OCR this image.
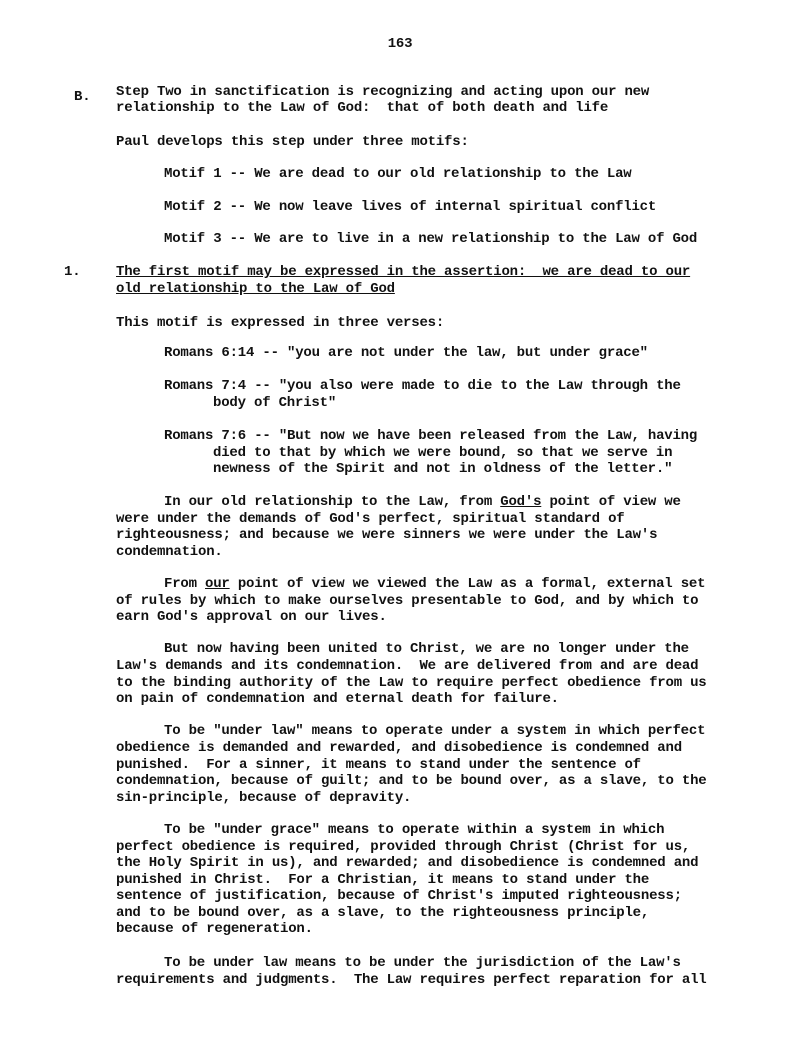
163
B. Step Two in sanctification is recognizing and acting upon our new
relationship to the Law of God:  that of both death and life
Paul develops this step under three motifs:
Motif 1 -- We are dead to our old relationship to the Law
Motif 2 -- We now leave lives of internal spiritual conflict
Motif 3 -- We are to live in a new relationship to the Law of God
1.	The first motif may be expressed in the assertion:  we are dead to our
old relationship to the Law of God
This motif is expressed in three verses:
Romans 6:14 -- "you are not under the law, but under grace"
Romans 7:4 -- "you also were made to die to the Law through the
body of Christ"
Romans 7:6 -- "But now we have been released from the Law, having
died to that by which we were bound, so that we serve in
newness of the Spirit and not in oldness of the letter."
In our old relationship to the Law, from God's point of view we
were under the demands of God's perfect, spiritual standard of
righteousness; and because we were sinners we were under the Law's
condemnation.
From our point of view we viewed the Law as a formal, external set
of rules by which to make ourselves presentable to God, and by which to
earn God's approval on our lives.
But now having been united to Christ, we are no longer under the
Law's demands and its condemnation.  We are delivered from and are dead
to the binding authority of the Law to require perfect obedience from us
on pain of condemnation and eternal death for failure.
To be "under law" means to operate under a system in which perfect
obedience is demanded and rewarded, and disobedience is condemned and
punished.  For a sinner, it means to stand under the sentence of
condemnation, because of guilt; and to be bound over, as a slave, to the
sin-principle, because of depravity.
To be "under grace" means to operate within a system in which
perfect obedience is required, provided through Christ (Christ for us,
the Holy Spirit in us), and rewarded; and disobedience is condemned and
punished in Christ.  For a Christian, it means to stand under the
sentence of justification, because of Christ's imputed righteousness;
and to be bound over, as a slave, to the righteousness principle,
because of regeneration.
To be under law means to be under the jurisdiction of the Law's
requirements and judgments.  The Law requires perfect reparation for all
